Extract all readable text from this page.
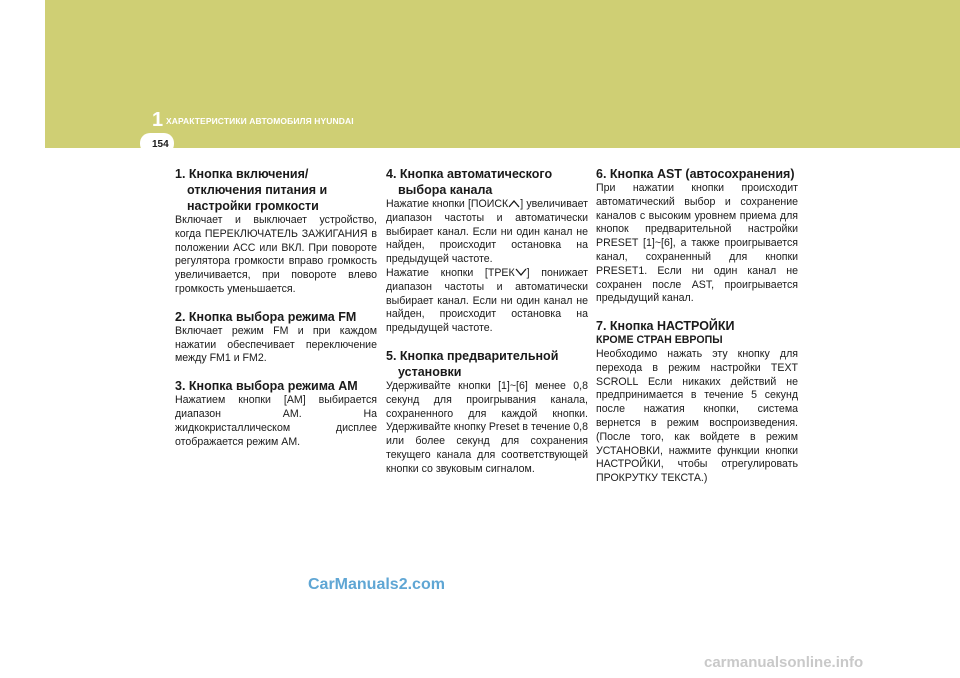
1 ХАРАКТЕРИСТИКИ АВТОМОБИЛЯ HYUNDAI
154
1. Кнопка включения/ отключения питания и настройки громкости
Включает и выключает устройство, когда ПЕРЕКЛЮЧАТЕЛЬ ЗАЖИГАНИЯ в положении ACC или ВКЛ. При повороте регулятора громкости вправо громкость увеличивается, при повороте влево громкость уменьшается.
2. Кнопка выбора режима FM
Включает режим FM и при каждом нажатии обеспечивает переключение между FM1 и FM2.
3. Кнопка выбора режима AM
Нажатием кнопки [AM] выбирается диапазон AM. На жидкокристаллическом дисплее отображается режим AM.
4. Кнопка автоматического выбора канала
Нажатие кнопки [ПОИСК ] увеличивает диапазон частоты и автоматически выбирает канал. Если ни один канал не найден, происходит остановка на предыдущей частоте.
Нажатие кнопки [ТРЕК ] понижает диапазон частоты и автоматически выбирает канал. Если ни один канал не найден, происходит остановка на предыдущей частоте.
5. Кнопка предварительной установки
Удерживайте кнопки [1]~[6] менее 0,8 секунд для проигрывания канала, сохраненного для каждой кнопки. Удерживайте кнопку Preset в течение 0,8 или более секунд для сохранения текущего канала для соответствующей кнопки со звуковым сигналом.
6. Кнопка AST (автосохранения)
При нажатии кнопки происходит автоматический выбор и сохранение каналов с высоким уровнем приема для кнопок предварительной настройки PRESET [1]~[6], а также проигрывается канал, сохраненный для кнопки PRESET1. Если ни один канал не сохранен после AST, проигрывается предыдущий канал.
7. Кнопка НАСТРОЙКИ
КРОМЕ СТРАН ЕВРОПЫ
Необходимо нажать эту кнопку для перехода в режим настройки TEXT SCROLL Если никаких действий не предпринимается в течение 5 секунд после нажатия кнопки, система вернется в режим воспроизведения. (После того, как войдете в режим УСТАНОВКИ, нажмите функции кнопки НАСТРОЙКИ, чтобы отрегулировать ПРОКРУТКУ ТЕКСТА.)
CarManuals2.com
carmanualsonline.info
